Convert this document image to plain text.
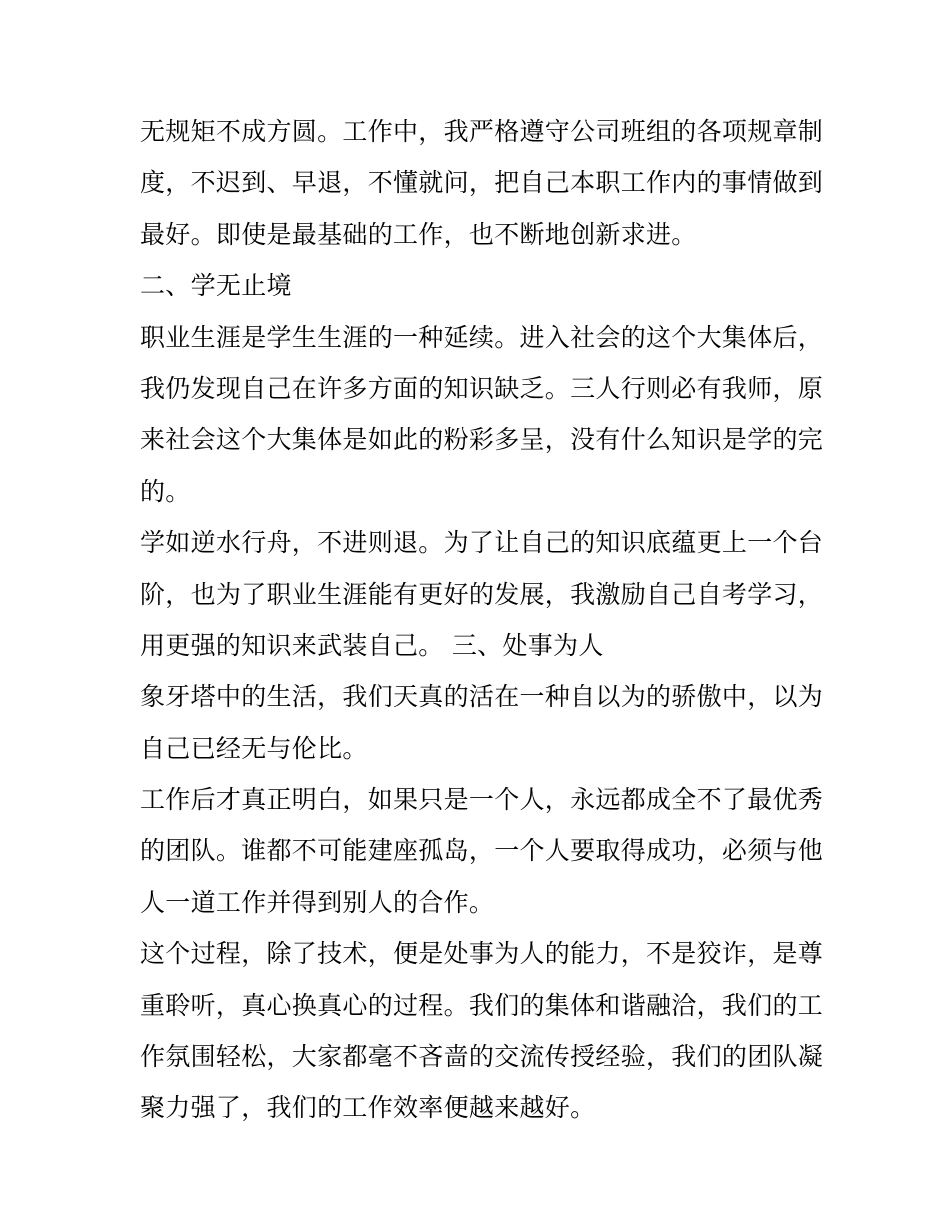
无规矩不成方圆。工作中，我严格遵守公司班组的各项规章制
度，不迟到、早退，不懂就问，把自己本职工作内的事情做到
最好。即使是最基础的工作，也不断地创新求进。
二、学无止境
职业生涯是学生生涯的一种延续。进入社会的这个大集体后，
我仍发现自己在许多方面的知识缺乏。三人行则必有我师，原
来社会这个大集体是如此的粉彩多呈，没有什么知识是学的完
的。
学如逆水行舟，不进则退。为了让自己的知识底蕴更上一个台
阶，也为了职业生涯能有更好的发展，我激励自己自考学习，
用更强的知识来武装自己。 三、处事为人
象牙塔中的生活，我们天真的活在一种自以为的骄傲中，以为
自己已经无与伦比。
工作后才真正明白，如果只是一个人，永远都成全不了最优秀
的团队。谁都不可能建座孤岛，一个人要取得成功，必须与他
人一道工作并得到别人的合作。
这个过程，除了技术，便是处事为人的能力，不是狡诈，是尊
重聆听，真心换真心的过程。我们的集体和谐融洽，我们的工
作氛围轻松，大家都毫不吝啬的交流传授经验，我们的团队凝
聚力强了，我们的工作效率便越来越好。
